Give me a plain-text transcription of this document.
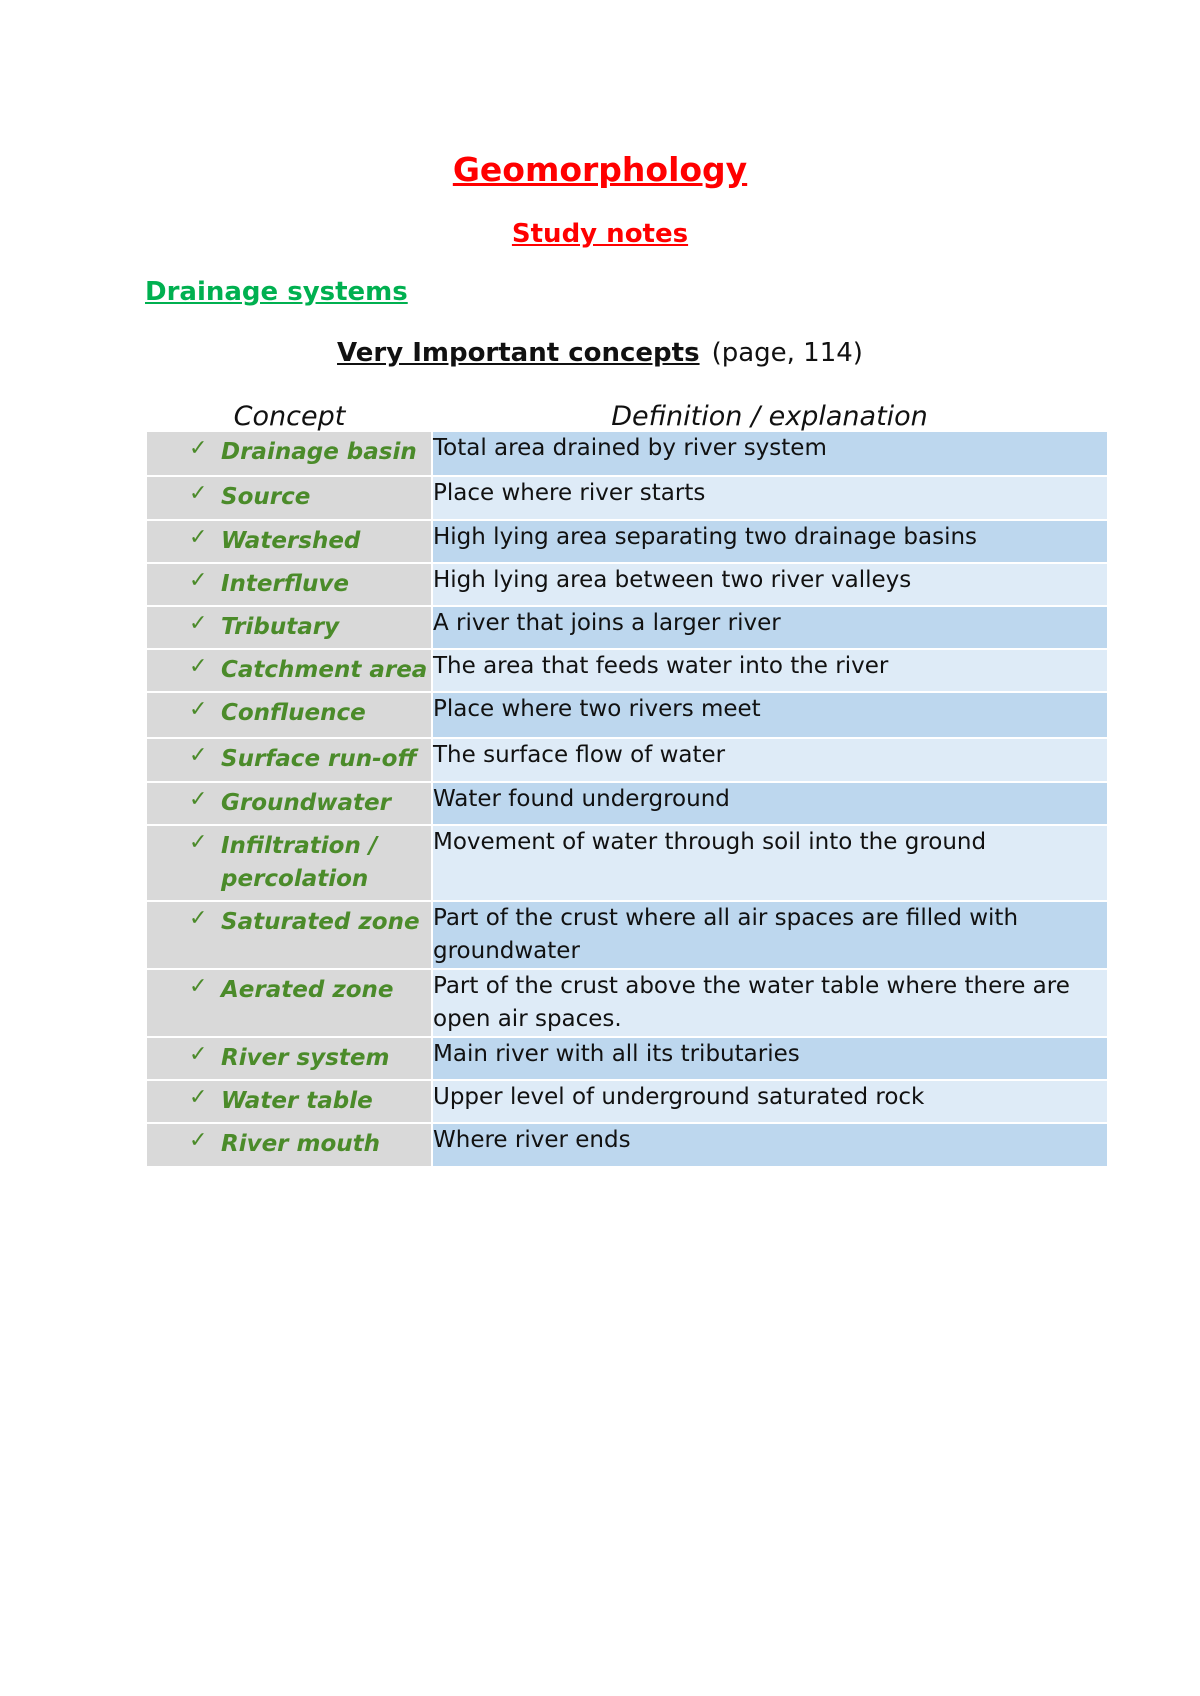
Geomorphology
Study notes
Drainage systems
Very Important concepts (page, 114)
Concept	Definition / explanation

✓ Drainage basin	Total area drained by river system

✓ Source	Place where river starts

✓ Watershed	High lying area separating two drainage basins

✓ Interfluve	High lying area between two river valleys

✓ Tributary	A river that joins a larger river

✓ Catchment area	The area that feeds water into the river

✓ Confluence	Place where two rivers meet

✓ Surface run-off	The surface flow of water

✓ Groundwater	Water found underground

✓ Infiltration / percolation	Movement of water through soil into the ground

✓ Saturated zone	Part of the crust where all air spaces are filled with groundwater

✓ Aerated zone	Part of the crust above the water table where there are open air spaces.

✓ River system	Main river with all its tributaries

✓ Water table	Upper level of underground saturated rock

✓ River mouth	Where river ends
